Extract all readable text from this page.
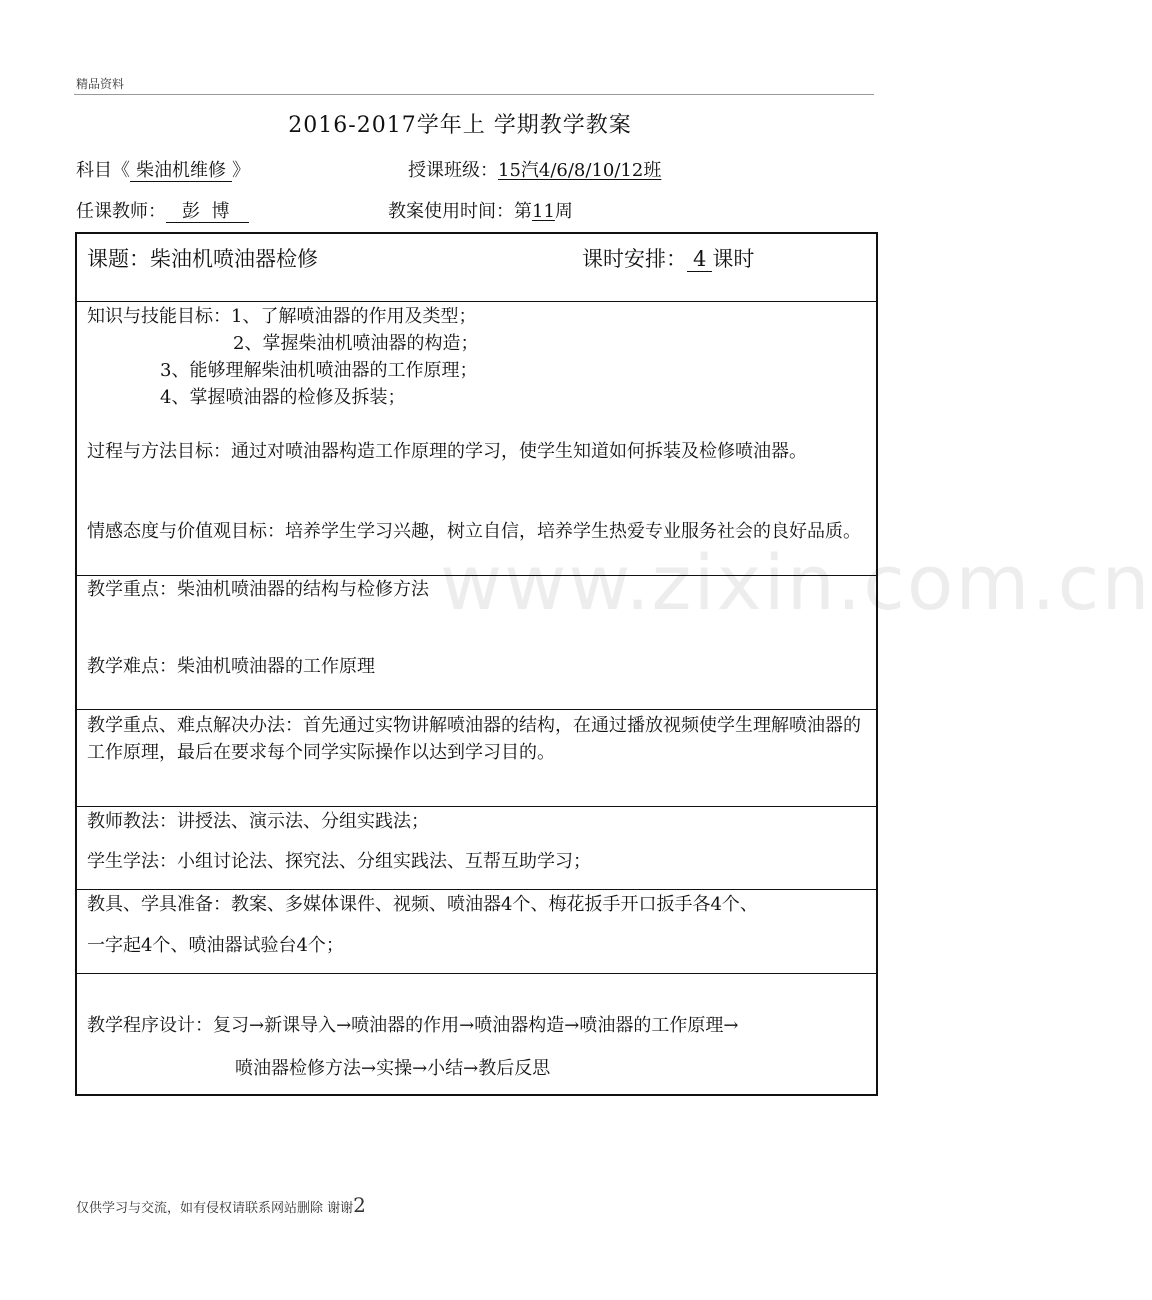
精品资料
2016-2017学年上 学期教学教案
科目《 柴油机维修 》	授课班级：15汽4/6/8/10/12班
任课教师： 彭  博	教案使用时间：第11周
课题：柴油机喷油器检修	课时安排： 4 课时
知识与技能目标：1、了解喷油器的作用及类型；
2、掌握柴油机喷油器的构造；
3、能够理解柴油机喷油器的工作原理；
4、掌握喷油器的检修及拆装；
过程与方法目标：通过对喷油器构造工作原理的学习，使学生知道如何拆装及检修喷油器。
情感态度与价值观目标：培养学生学习兴趣，树立自信，培养学生热爱专业服务社会的良好品质。
教学重点：柴油机喷油器的结构与检修方法
教学难点：柴油机喷油器的工作原理
教学重点、难点解决办法：首先通过实物讲解喷油器的结构，在通过播放视频使学生理解喷油器的工作原理，最后在要求每个同学实际操作以达到学习目的。
教师教法：讲授法、演示法、分组实践法；
学生学法：小组讨论法、探究法、分组实践法、互帮互助学习；
教具、学具准备：教案、多媒体课件、视频、喷油器4个、梅花扳手开口扳手各4个、
一字起4个、喷油器试验台4个；
教学程序设计：复习→新课导入→喷油器的作用→喷油器构造→喷油器的工作原理→
喷油器检修方法→实操→小结→教后反思
www.zixin.com.cn
仅供学习与交流，如有侵权请联系网站删除 谢谢2
